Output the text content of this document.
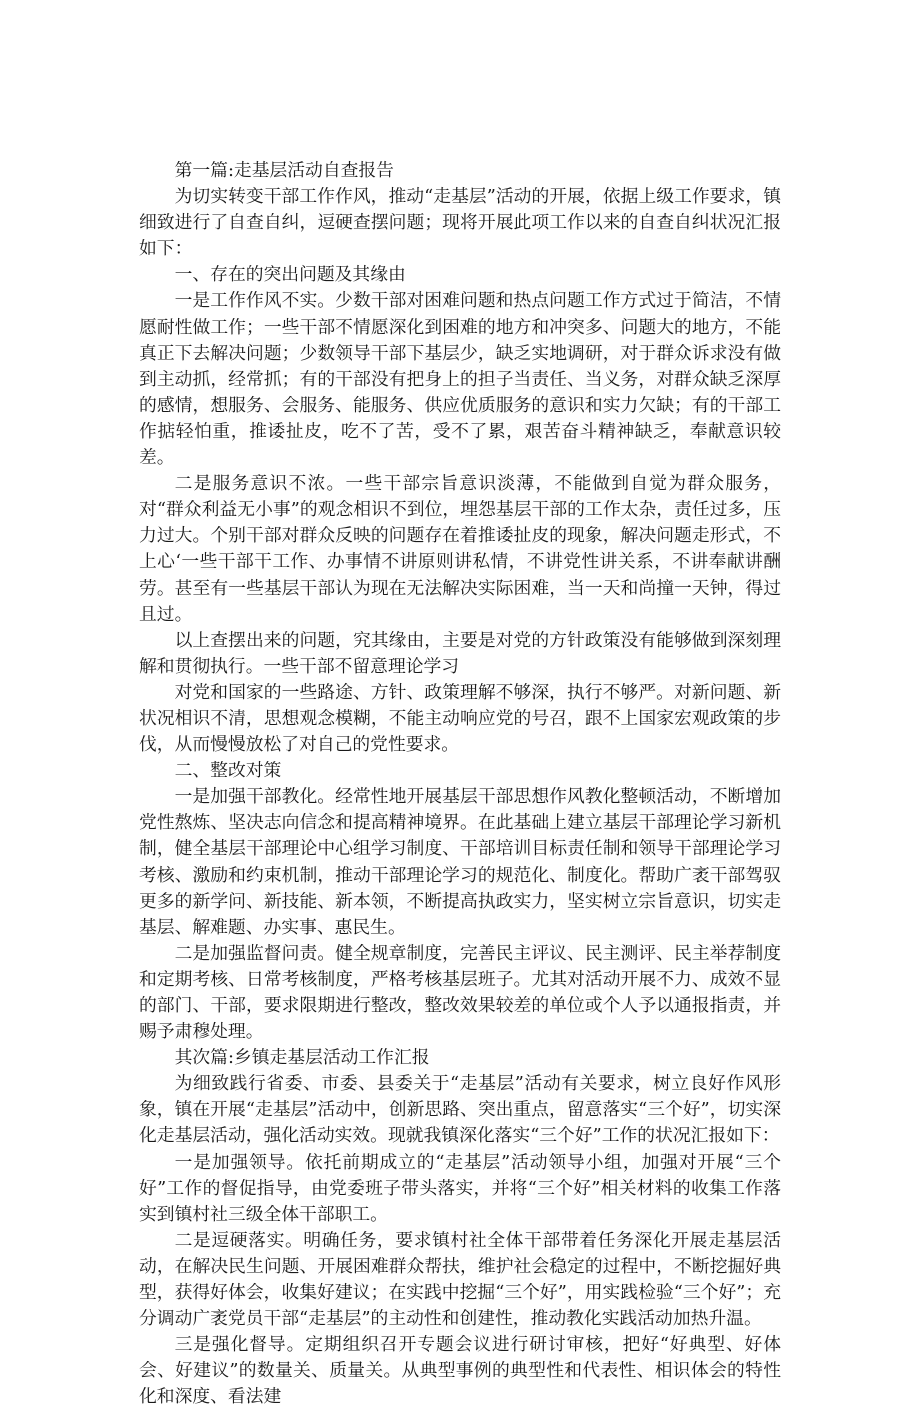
第一篇:走基层活动自查报告

为切实转变干部工作作风，推动“走基层”活动的开展，依据上级工作要求，镇细致进行了自查自纠，逗硬查摆问题；现将开展此项工作以来的自查自纠状况汇报如下：

一、存在的突出问题及其缘由

一是工作作风不实。少数干部对困难问题和热点问题工作方式过于简洁，不情愿耐性做工作；一些干部不情愿深化到困难的地方和冲突多、问题大的地方，不能真正下去解决问题；少数领导干部下基层少，缺乏实地调研，对于群众诉求没有做到主动抓，经常抓；有的干部没有把身上的担子当责任、当义务，对群众缺乏深厚的感情，想服务、会服务、能服务、供应优质服务的意识和实力欠缺；有的干部工作掂轻怕重，推诿扯皮，吃不了苦，受不了累，艰苦奋斗精神缺乏，奉献意识较差。

二是服务意识不浓。一些干部宗旨意识淡薄，不能做到自觉为群众服务，对“群众利益无小事”的观念相识不到位，埋怨基层干部的工作太杂，责任过多，压力过大。个别干部对群众反映的问题存在着推诿扯皮的现象，解决问题走形式，不上心‘一些干部干工作、办事情不讲原则讲私情，不讲党性讲关系，不讲奉献讲酬劳。甚至有一些基层干部认为现在无法解决实际困难，当一天和尚撞一天钟，得过且过。

以上查摆出来的问题，究其缘由，主要是对党的方针政策没有能够做到深刻理解和贯彻执行。一些干部不留意理论学习

对党和国家的一些路途、方针、政策理解不够深，执行不够严。对新问题、新状况相识不清，思想观念模糊，不能主动响应党的号召，跟不上国家宏观政策的步伐，从而慢慢放松了对自己的党性要求。

二、整改对策

一是加强干部教化。经常性地开展基层干部思想作风教化整顿活动，不断增加党性熬炼、坚决志向信念和提高精神境界。在此基础上建立基层干部理论学习新机制，健全基层干部理论中心组学习制度、干部培训目标责任制和领导干部理论学习考核、激励和约束机制，推动干部理论学习的规范化、制度化。帮助广袤干部驾驭更多的新学问、新技能、新本领，不断提高执政实力，坚实树立宗旨意识，切实走基层、解难题、办实事、惠民生。

二是加强监督问责。健全规章制度，完善民主评议、民主测评、民主举荐制度和定期考核、日常考核制度，严格考核基层班子。尤其对活动开展不力、成效不显的部门、干部，要求限期进行整改，整改效果较差的单位或个人予以通报指责，并赐予肃穆处理。

其次篇:乡镇走基层活动工作汇报

为细致践行省委、市委、县委关于“走基层”活动有关要求，树立良好作风形象，镇在开展“走基层”活动中，创新思路、突出重点，留意落实“三个好”，切实深化走基层活动，强化活动实效。现就我镇深化落实“三个好”工作的状况汇报如下：

一是加强领导。依托前期成立的“走基层”活动领导小组，加强对开展“三个好”工作的督促指导，由党委班子带头落实，并将“三个好”相关材料的收集工作落实到镇村社三级全体干部职工。

二是逗硬落实。明确任务，要求镇村社全体干部带着任务深化开展走基层活动，在解决民生问题、开展困难群众帮扶，维护社会稳定的过程中，不断挖掘好典型，获得好体会，收集好建议；在实践中挖掘“三个好”，用实践检验“三个好”；充分调动广袤党员干部“走基层”的主动性和创建性，推动教化实践活动加热升温。

三是强化督导。定期组织召开专题会议进行研讨审核，把好“好典型、好体会、好建议”的数量关、质量关。从典型事例的典型性和代表性、相识体会的特性化和深度、看法建
